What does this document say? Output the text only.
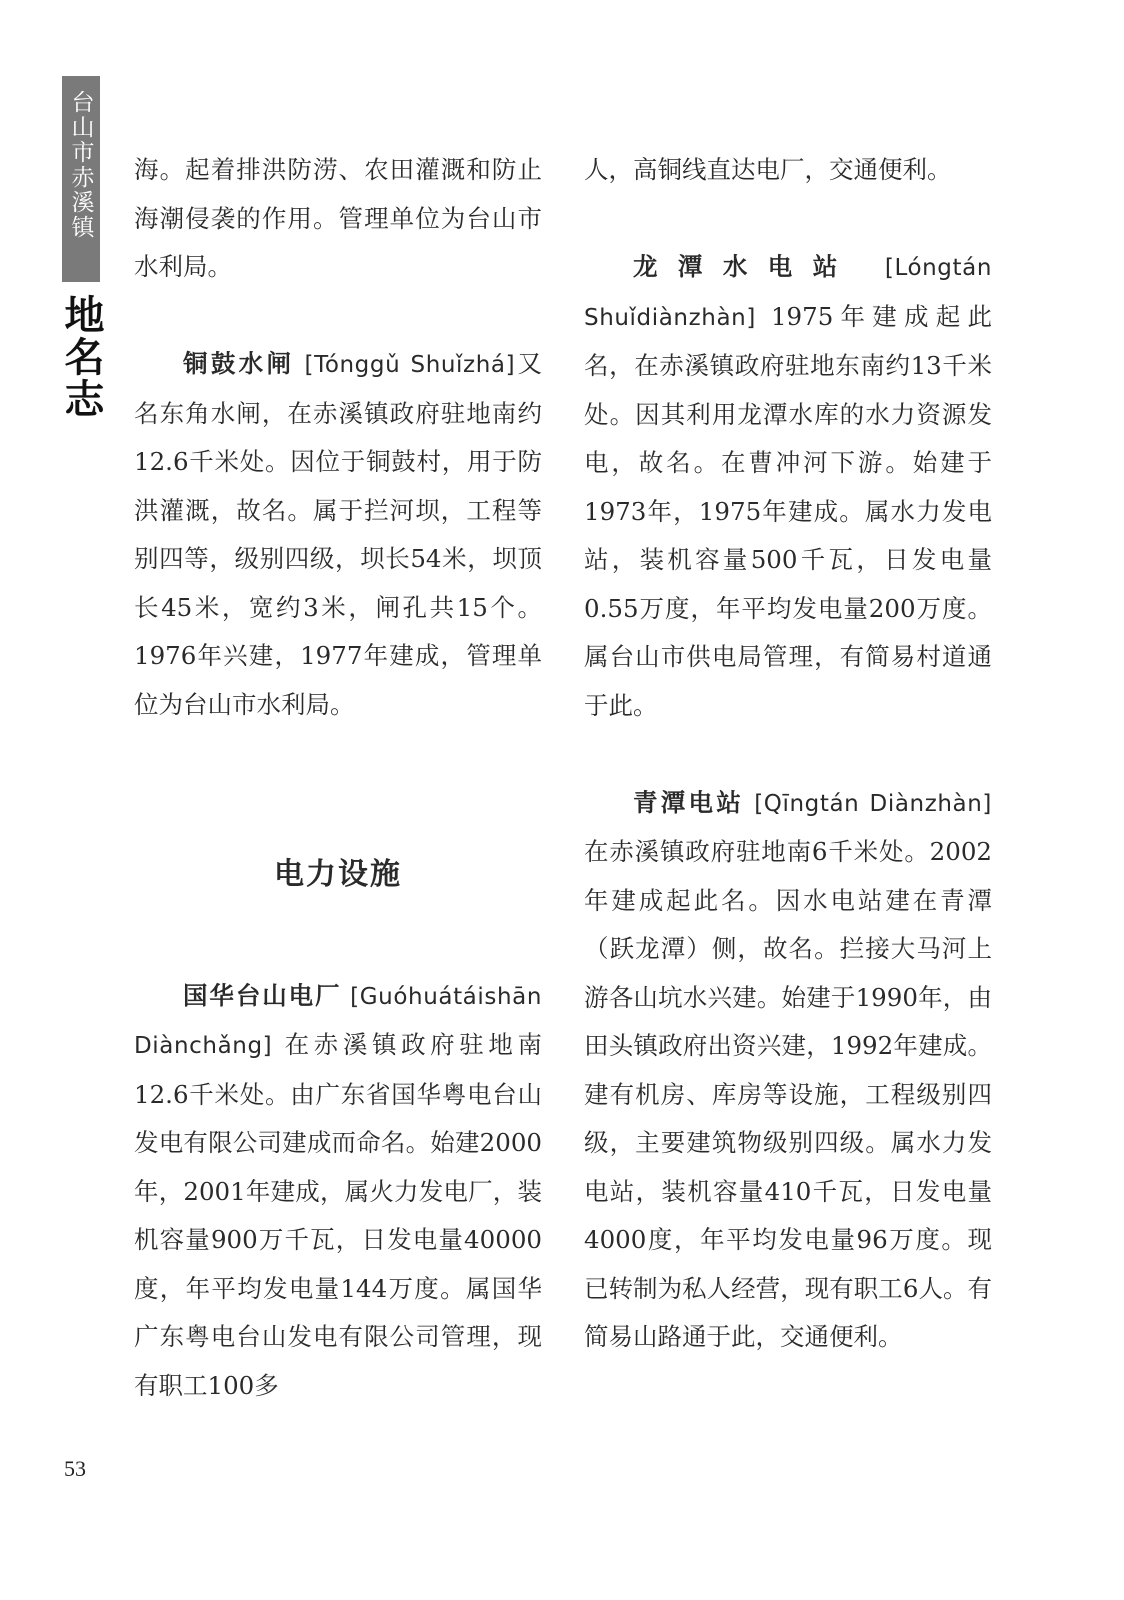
台山市赤溪镇
地名志

海。起着排洪防涝、农田灌溉和防止海潮侵袭的作用。管理单位为台山市水利局。

铜鼓水闸 [Tónggǔ Shuǐzhá]又名东角水闸，在赤溪镇政府驻地南约12.6千米处。因位于铜鼓村，用于防洪灌溉，故名。属于拦河坝，工程等别四等，级别四级，坝长54米，坝顶长45米，宽约3米，闸孔共15个。1976年兴建，1977年建成，管理单位为台山市水利局。

电力设施

国华台山电厂 [Guóhuátáishān Diànchǎng] 在赤溪镇政府驻地南12.6千米处。由广东省国华粤电台山发电有限公司建成而命名。始建2000年，2001年建成，属火力发电厂，装机容量900万千瓦，日发电量40000度，年平均发电量144万度。属国华广东粤电台山发电有限公司管理，现有职工100多

人，高铜线直达电厂，交通便利。

龙潭水电站 [Lóngtán Shuǐdiànzhàn] 1975年建成起此名，在赤溪镇政府驻地东南约13千米处。因其利用龙潭水库的水力资源发电，故名。在曹冲河下游。始建于1973年，1975年建成。属水力发电站，装机容量500千瓦，日发电量0.55万度，年平均发电量200万度。属台山市供电局管理，有简易村道通于此。

青潭电站 [Qīngtán Diànzhàn] 在赤溪镇政府驻地南6千米处。2002年建成起此名。因水电站建在青潭（跃龙潭）侧，故名。拦接大马河上游各山坑水兴建。始建于1990年，由田头镇政府出资兴建，1992年建成。建有机房、库房等设施，工程级别四级，主要建筑物级别四级。属水力发电站，装机容量410千瓦，日发电量4000度，年平均发电量96万度。现已转制为私人经营，现有职工6人。有简易山路通于此，交通便利。

53
